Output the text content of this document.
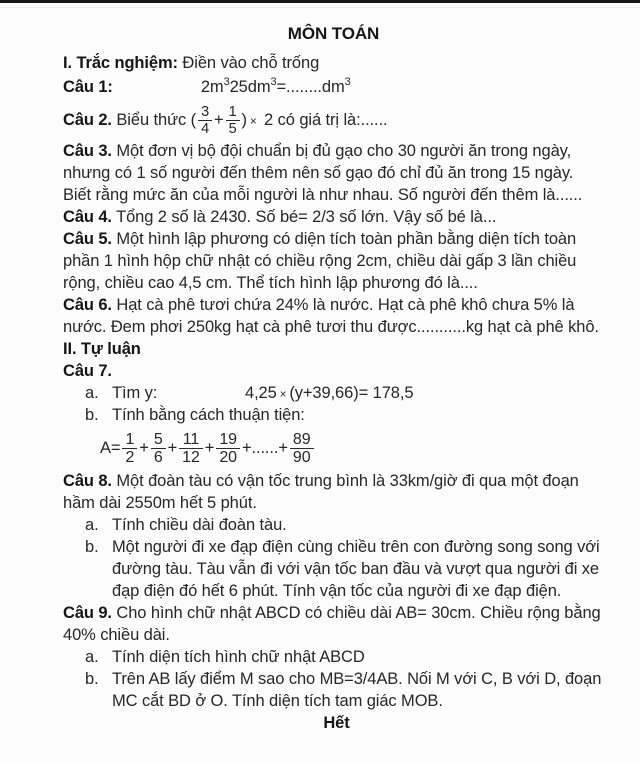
MÔN TOÁN
I. Trắc nghiệm: Điền vào chỗ trống
Câu 1:	$2m^325dm^3=........dm^3$
Câu 2. Biểu thức ( $\frac{3}{4} + \frac{1}{5}$ ) × 2 có giá trị là:......
Câu 3. Một đơn vị bộ đội chuẩn bị đủ gạo cho 30 người ăn trong ngày,
nhưng có 1 số người đến thêm nên số gạo đó chỉ đủ ăn trong 15 ngày.
Biết rằng mức ăn của mỗi người là như nhau. Số người đến thêm là......
Câu 4. Tổng 2 số là 2430. Số bé= 2/3 số lớn. Vậy số bé là...
Câu 5. Một hình lập phương có diện tích toàn phần bằng diện tích toàn
phần 1 hình hộp chữ nhật có chiều rộng 2cm, chiều dài gấp 3 lần chiều
rộng, chiều cao 4,5 cm. Thể tích hình lập phương đó là....
Câu 6. Hạt cà phê tươi chứa 24% là nước. Hạt cà phê khô chưa 5% là
nước. Đem phơi 250kg hạt cà phê tươi thu được...........kg hạt cà phê khô.
II. Tự luận
Câu 7.
a. Tìm y:	4,25 × (y+39,66)= 178,5
b. Tính bằng cách thuận tiện:
$A= \frac{1}{2} + \frac{5}{6} + \frac{11}{12} + \frac{19}{20}$ +......+ $\frac{89}{90}$
Câu 8. Một đoàn tàu có vận tốc trung bình là 33km/giờ đi qua một đoạn
hầm dài 2550m hết 5 phút.
a. Tính chiều dài đoàn tàu.
b. Một người đi xe đạp điện cùng chiều trên con đường song song với
đường tàu. Tàu vẫn đi với vận tốc ban đầu và vượt qua người đi xe
đạp điện đó hết 6 phút. Tính vận tốc của người đi xe đạp điện.
Câu 9. Cho hình chữ nhật ABCD có chiều dài AB= 30cm. Chiều rộng bằng
40% chiều dài.
a. Tính diện tích hình chữ nhật ABCD
b. Trên AB lấy điểm M sao cho MB=3/4AB. Nối M với C, B với D, đoạn
MC cắt BD ở O. Tính diện tích tam giác MOB.
Hết
